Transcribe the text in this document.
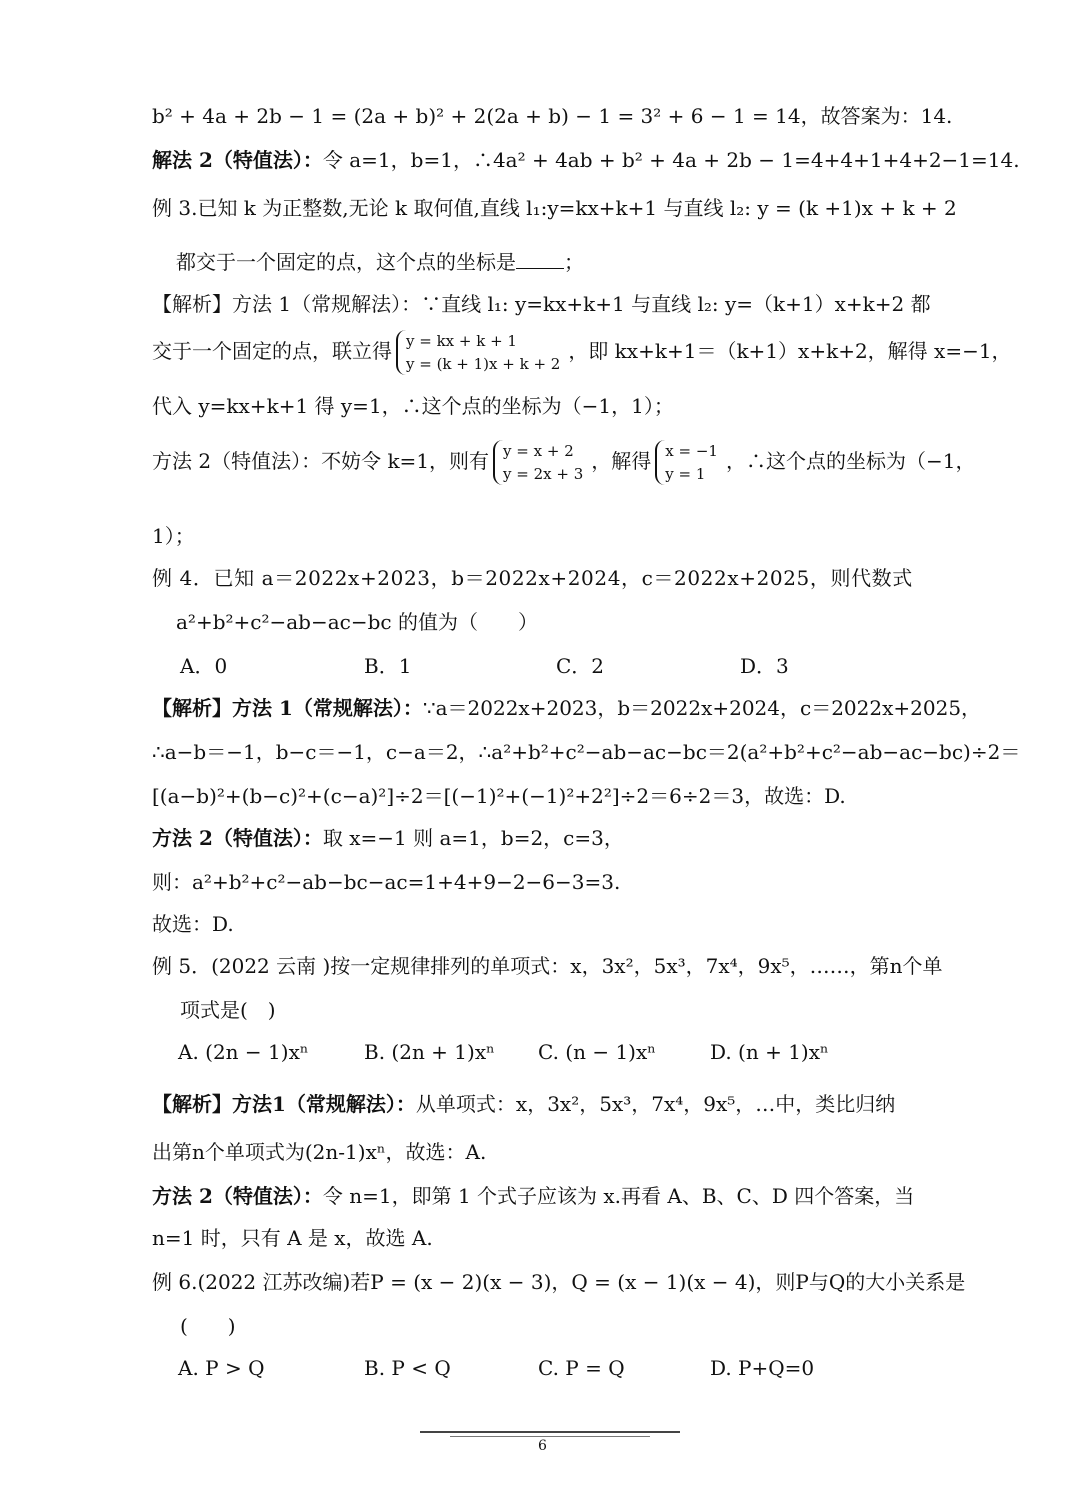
b² + 4a + 2b − 1 = (2a + b)² + 2(2a + b) − 1 = 3² + 6 − 1 = 14，故答案为：14.
解法 2（特值法）：令 a=1，b=1，∴4a² + 4ab + b² + 4a + 2b − 1=4+4+1+4+2−1=14.
例 3.已知 k 为正整数,无论 k 取何值,直线 l₁:y=kx+k+1 与直线 l₂: y = (k +1)x + k + 2
都交于一个固定的点，这个点的坐标是 ；
【解析】方法 1（常规解法）：∵直线 l₁: y=kx+k+1 与直线 l₂: y=（k+1）x+k+2 都
交于一个固定的点，联立得 y = kx + k + 1
y = (k + 1)x + k + 2
，即 kx+k+1＝（k+1）x+k+2，解得 x=−1，
代入 y=kx+k+1 得 y=1，∴这个点的坐标为（−1，1）；
方法 2（特值法）：不妨令 k=1，则有 y = x + 2
y = 2x + 3
，解得 x = −1
y = 1
，∴这个点的坐标为（−1，
1）；
例 4．已知 a＝2022x+2023，b＝2022x+2024，c＝2022x+2025，则代数式
a²+b²+c²−ab−ac−bc 的值为（　　）
A．0	B．1	C．2	D．3
【解析】方法 1（常规解法）：∵a＝2022x+2023，b＝2022x+2024，c＝2022x+2025，
∴a−b＝−1，b−c＝−1，c−a＝2，∴a²+b²+c²−ab−ac−bc＝2(a²+b²+c²−ab−ac−bc)÷2＝
[(a−b)²+(b−c)²+(c−a)²]÷2＝[(−1)²+(−1)²+2²]÷2＝6÷2＝3，故选：D.
方法 2（特值法）：取 x=−1 则 a=1，b=2，c=3，
则：a²+b²+c²−ab−bc−ac=1+4+9−2−6−3=3.
故选：D.
例 5．(2022 云南 )按一定规律排列的单项式：x，3x²，5x³，7x⁴，9x⁵，……，第n个单
项式是(　)
A. (2n − 1)xⁿ	B. (2n + 1)xⁿ C. (n − 1)xⁿ	D. (n + 1)xⁿ
【解析】方法1（常规解法）：从单项式：x，3x²，5x³，7x⁴，9x⁵，…中，类比归纳
出第n个单项式为(2n-1)xⁿ，故选：A.
方法 2（特值法）：令 n=1，即第 1 个式子应该为 x.再看 A、B、C、D 四个答案，当
n=1 时，只有 A 是 x，故选 A.
例 6.(2022 江苏改编)若P = (x − 2)(x − 3)，Q = (x − 1)(x − 4)，则P与Q的大小关系是
(　　)
A. P > Q	B. P < Q	C. P = Q	D. P+Q=0
6
